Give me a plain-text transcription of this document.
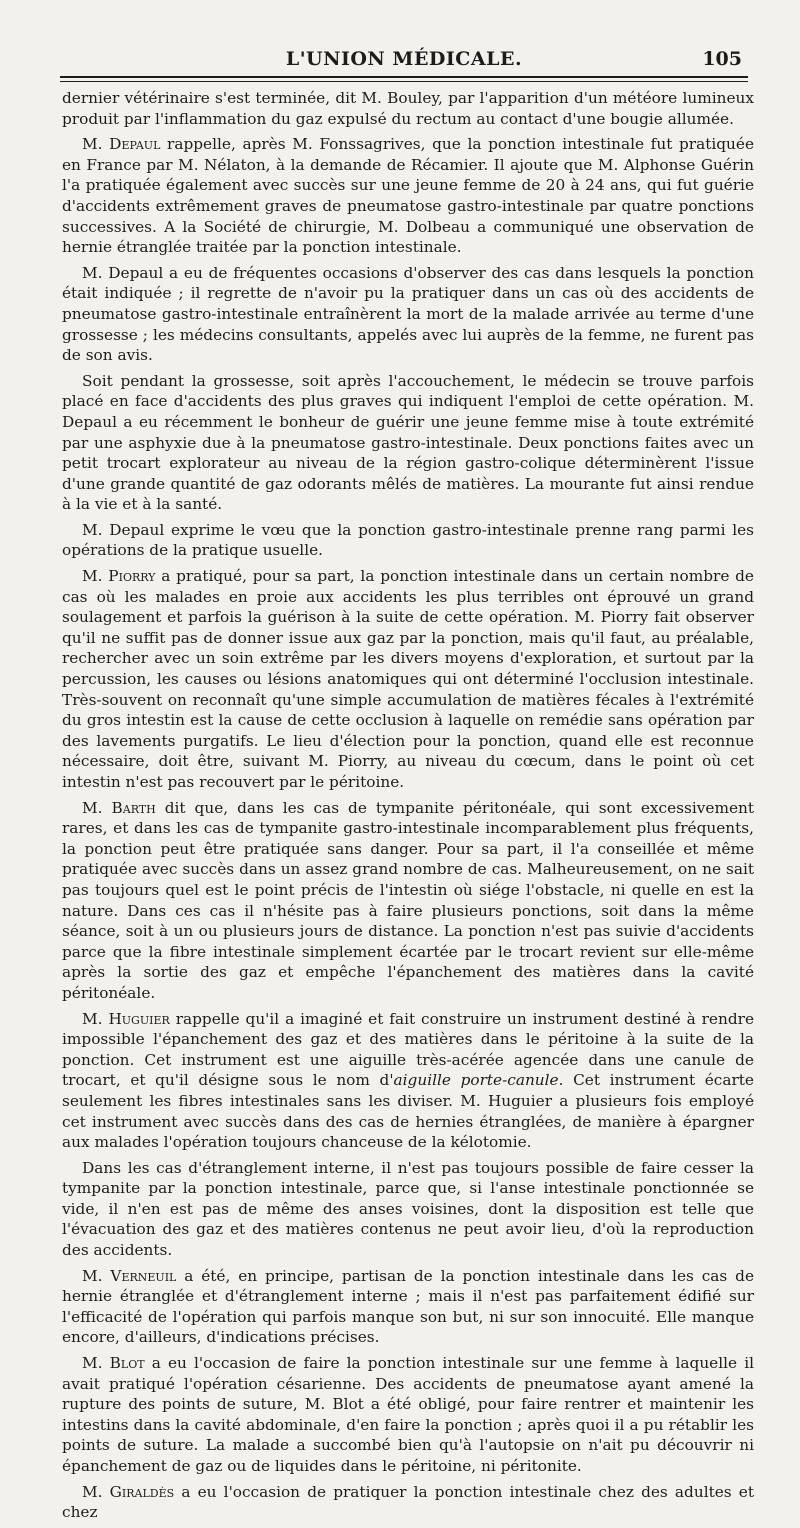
L'UNION MÉDICALE.	105

dernier vétérinaire s'est terminée, dit M. Bouley, par l'apparition d'un météore lumineux produit par l'inflammation du gaz expulsé du rectum au contact d'une bougie allumée.

M. Depaul rappelle, après M. Fonssagrives, que la ponction intestinale fut pratiquée en France par M. Nélaton, à la demande de Récamier. Il ajoute que M. Alphonse Guérin l'a pratiquée également avec succès sur une jeune femme de 20 à 24 ans, qui fut guérie d'accidents extrêmement graves de pneumatose gastro-intestinale par quatre ponctions successives. A la Société de chirurgie, M. Dolbeau a communiqué une observation de hernie étranglée traitée par la ponction intestinale.

M. Depaul a eu de fréquentes occasions d'observer des cas dans lesquels la ponction était indiquée ; il regrette de n'avoir pu la pratiquer dans un cas où des accidents de pneumatose gastro-intestinale entraînèrent la mort de la malade arrivée au terme d'une grossesse ; les médecins consultants, appelés avec lui auprès de la femme, ne furent pas de son avis.

Soit pendant la grossesse, soit après l'accouchement, le médecin se trouve parfois placé en face d'accidents des plus graves qui indiquent l'emploi de cette opération. M. Depaul a eu récemment le bonheur de guérir une jeune femme mise à toute extrémité par une asphyxie due à la pneumatose gastro-intestinale. Deux ponctions faites avec un petit trocart explorateur au niveau de la région gastro-colique déterminèrent l'issue d'une grande quantité de gaz odorants mêlés de matières. La mourante fut ainsi rendue à la vie et à la santé.

M. Depaul exprime le vœu que la ponction gastro-intestinale prenne rang parmi les opérations de la pratique usuelle.

M. Piorry a pratiqué, pour sa part, la ponction intestinale dans un certain nombre de cas où les malades en proie aux accidents les plus terribles ont éprouvé un grand soulagement et parfois la guérison à la suite de cette opération. M. Piorry fait observer qu'il ne suffit pas de donner issue aux gaz par la ponction, mais qu'il faut, au préalable, rechercher avec un soin extrême par les divers moyens d'exploration, et surtout par la percussion, les causes ou lésions anatomiques qui ont déterminé l'occlusion intestinale. Très-souvent on reconnaît qu'une simple accumulation de matières fécales à l'extrémité du gros intestin est la cause de cette occlusion à laquelle on remédie sans opération par des lavements purgatifs. Le lieu d'élection pour la ponction, quand elle est reconnue nécessaire, doit être, suivant M. Piorry, au niveau du cœcum, dans le point où cet intestin n'est pas recouvert par le péritoine.

M. Barth dit que, dans les cas de tympanite péritonéale, qui sont excessivement rares, et dans les cas de tympanite gastro-intestinale incomparablement plus fréquents, la ponction peut être pratiquée sans danger. Pour sa part, il l'a conseillée et même pratiquée avec succès dans un assez grand nombre de cas. Malheureusement, on ne sait pas toujours quel est le point précis de l'intestin où siége l'obstacle, ni quelle en est la nature. Dans ces cas il n'hésite pas à faire plusieurs ponctions, soit dans la même séance, soit à un ou plusieurs jours de distance. La ponction n'est pas suivie d'accidents parce que la fibre intestinale simplement écartée par le trocart revient sur elle-même après la sortie des gaz et empêche l'épanchement des matières dans la cavité péritonéale.

M. Huguier rappelle qu'il a imaginé et fait construire un instrument destiné à rendre impossible l'épanchement des gaz et des matières dans le péritoine à la suite de la ponction. Cet instrument est une aiguille très-acérée agencée dans une canule de trocart, et qu'il désigne sous le nom d'aiguille porte-canule. Cet instrument écarte seulement les fibres intestinales sans les diviser. M. Huguier a plusieurs fois employé cet instrument avec succès dans des cas de hernies étranglées, de manière à épargner aux malades l'opération toujours chanceuse de la kélotomie.

Dans les cas d'étranglement interne, il n'est pas toujours possible de faire cesser la tympanite par la ponction intestinale, parce que, si l'anse intestinale ponctionnée se vide, il n'en est pas de même des anses voisines, dont la disposition est telle que l'évacuation des gaz et des matières contenus ne peut avoir lieu, d'où la reproduction des accidents.

M. Verneuil a été, en principe, partisan de la ponction intestinale dans les cas de hernie étranglée et d'étranglement interne ; mais il n'est pas parfaitement édifié sur l'efficacité de l'opération qui parfois manque son but, ni sur son innocuité. Elle manque encore, d'ailleurs, d'indications précises.

M. Blot a eu l'occasion de faire la ponction intestinale sur une femme à laquelle il avait pratiqué l'opération césarienne. Des accidents de pneumatose ayant amené la rupture des points de suture, M. Blot a été obligé, pour faire rentrer et maintenir les intestins dans la cavité abdominale, d'en faire la ponction ; après quoi il a pu rétablir les points de suture. La malade a succombé bien qu'à l'autopsie on n'ait pu découvrir ni épanchement de gaz ou de liquides dans le péritoine, ni péritonite.

M. Giraldès a eu l'occasion de pratiquer la ponction intestinale chez des adultes et chez
